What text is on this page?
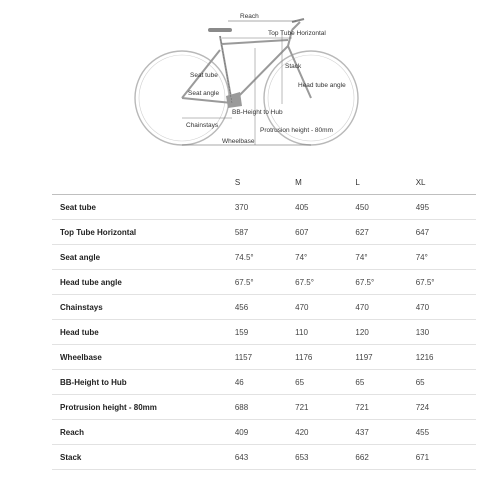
Reach
Top Tube Horizontal
Stack
Seat tube
Seat angle
Head tube angle
BB-Height to Hub
Chainstays
Protrusion height - 80mm
Wheelbase
	S	M	L	XL
Seat tube	370	405	450	495
Top Tube Horizontal	587	607	627	647
Seat angle	74.5°	74°	74°	74°
Head tube angle	67.5°	67.5°	67.5°	67.5°
Chainstays	456	470	470	470
Head tube	159	110	120	130
Wheelbase	1157	1176	1197	1216
BB-Height to Hub	46	65	65	65
Protrusion height - 80mm	688	721	721	724
Reach	409	420	437	455
Stack	643	653	662	671
